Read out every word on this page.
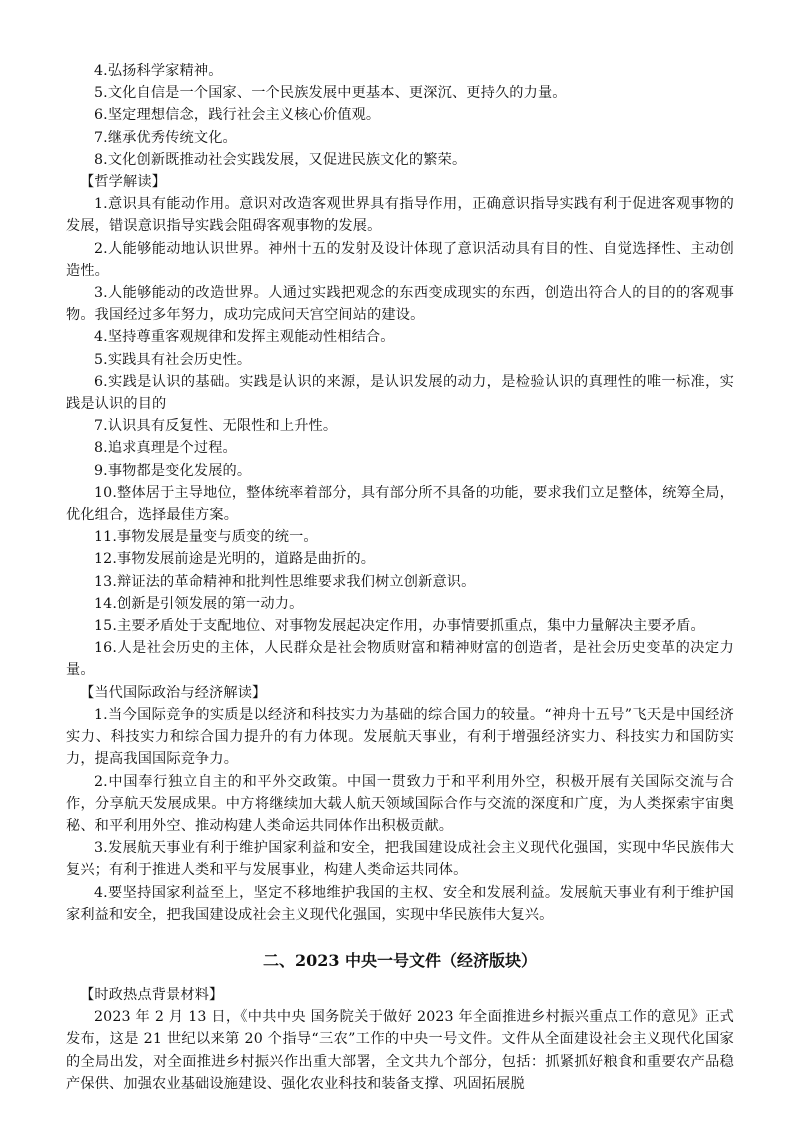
4.弘扬科学家精神。

5.文化自信是一个国家、一个民族发展中更基本、更深沉、更持久的力量。

6.坚定理想信念，践行社会主义核心价值观。

7.继承优秀传统文化。

8.文化创新既推动社会实践发展，又促进民族文化的繁荣。

【哲学解读】

1.意识具有能动作用。意识对改造客观世界具有指导作用，正确意识指导实践有利于促进客观事物的发展，错误意识指导实践会阻碍客观事物的发展。

2.人能够能动地认识世界。神州十五的发射及设计体现了意识活动具有目的性、自觉选择性、主动创造性。

3.人能够能动的改造世界。人通过实践把观念的东西变成现实的东西，创造出符合人的目的的客观事物。我国经过多年努力，成功完成问天宫空间站的建设。

4.坚持尊重客观规律和发挥主观能动性相结合。

5.实践具有社会历史性。

6.实践是认识的基础。实践是认识的来源，是认识发展的动力，是检验认识的真理性的唯一标准，实践是认识的目的

7.认识具有反复性、无限性和上升性。

8.追求真理是个过程。

9.事物都是变化发展的。

10.整体居于主导地位，整体统率着部分，具有部分所不具备的功能，要求我们立足整体，统筹全局，优化组合，选择最佳方案。

11.事物发展是量变与质变的统一。

12.事物发展前途是光明的，道路是曲折的。

13.辩证法的革命精神和批判性思维要求我们树立创新意识。

14.创新是引领发展的第一动力。

15.主要矛盾处于支配地位、对事物发展起决定作用，办事情要抓重点，集中力量解决主要矛盾。

16.人是社会历史的主体，人民群众是社会物质财富和精神财富的创造者，是社会历史变革的决定力量。

【当代国际政治与经济解读】

1.当今国际竞争的实质是以经济和科技实力为基础的综合国力的较量。“神舟十五号”飞天是中国经济实力、科技实力和综合国力提升的有力体现。发展航天事业，有利于增强经济实力、科技实力和国防实力，提高我国国际竞争力。

2.中国奉行独立自主的和平外交政策。中国一贯致力于和平利用外空，积极开展有关国际交流与合作，分享航天发展成果。中方将继续加大载人航天领域国际合作与交流的深度和广度，为人类探索宇宙奥秘、和平利用外空、推动构建人类命运共同体作出积极贡献。

3.发展航天事业有利于维护国家利益和安全，把我国建设成社会主义现代化强国，实现中华民族伟大复兴；有利于推进人类和平与发展事业，构建人类命运共同体。

4.要坚持国家利益至上，坚定不移地维护我国的主权、安全和发展利益。发展航天事业有利于维护国家利益和安全，把我国建设成社会主义现代化强国，实现中华民族伟大复兴。

二、2023 中央一号文件（经济版块）

【时政热点背景材料】

2023 年 2 月 13 日，《中共中央 国务院关于做好 2023 年全面推进乡村振兴重点工作的意见》正式发布，这是 21 世纪以来第 20 个指导“三农”工作的中央一号文件。文件从全面建设社会主义现代化国家的全局出发，对全面推进乡村振兴作出重大部署，全文共九个部分，包括：抓紧抓好粮食和重要农产品稳产保供、加强农业基础设施建设、强化农业科技和装备支撑、巩固拓展脱
